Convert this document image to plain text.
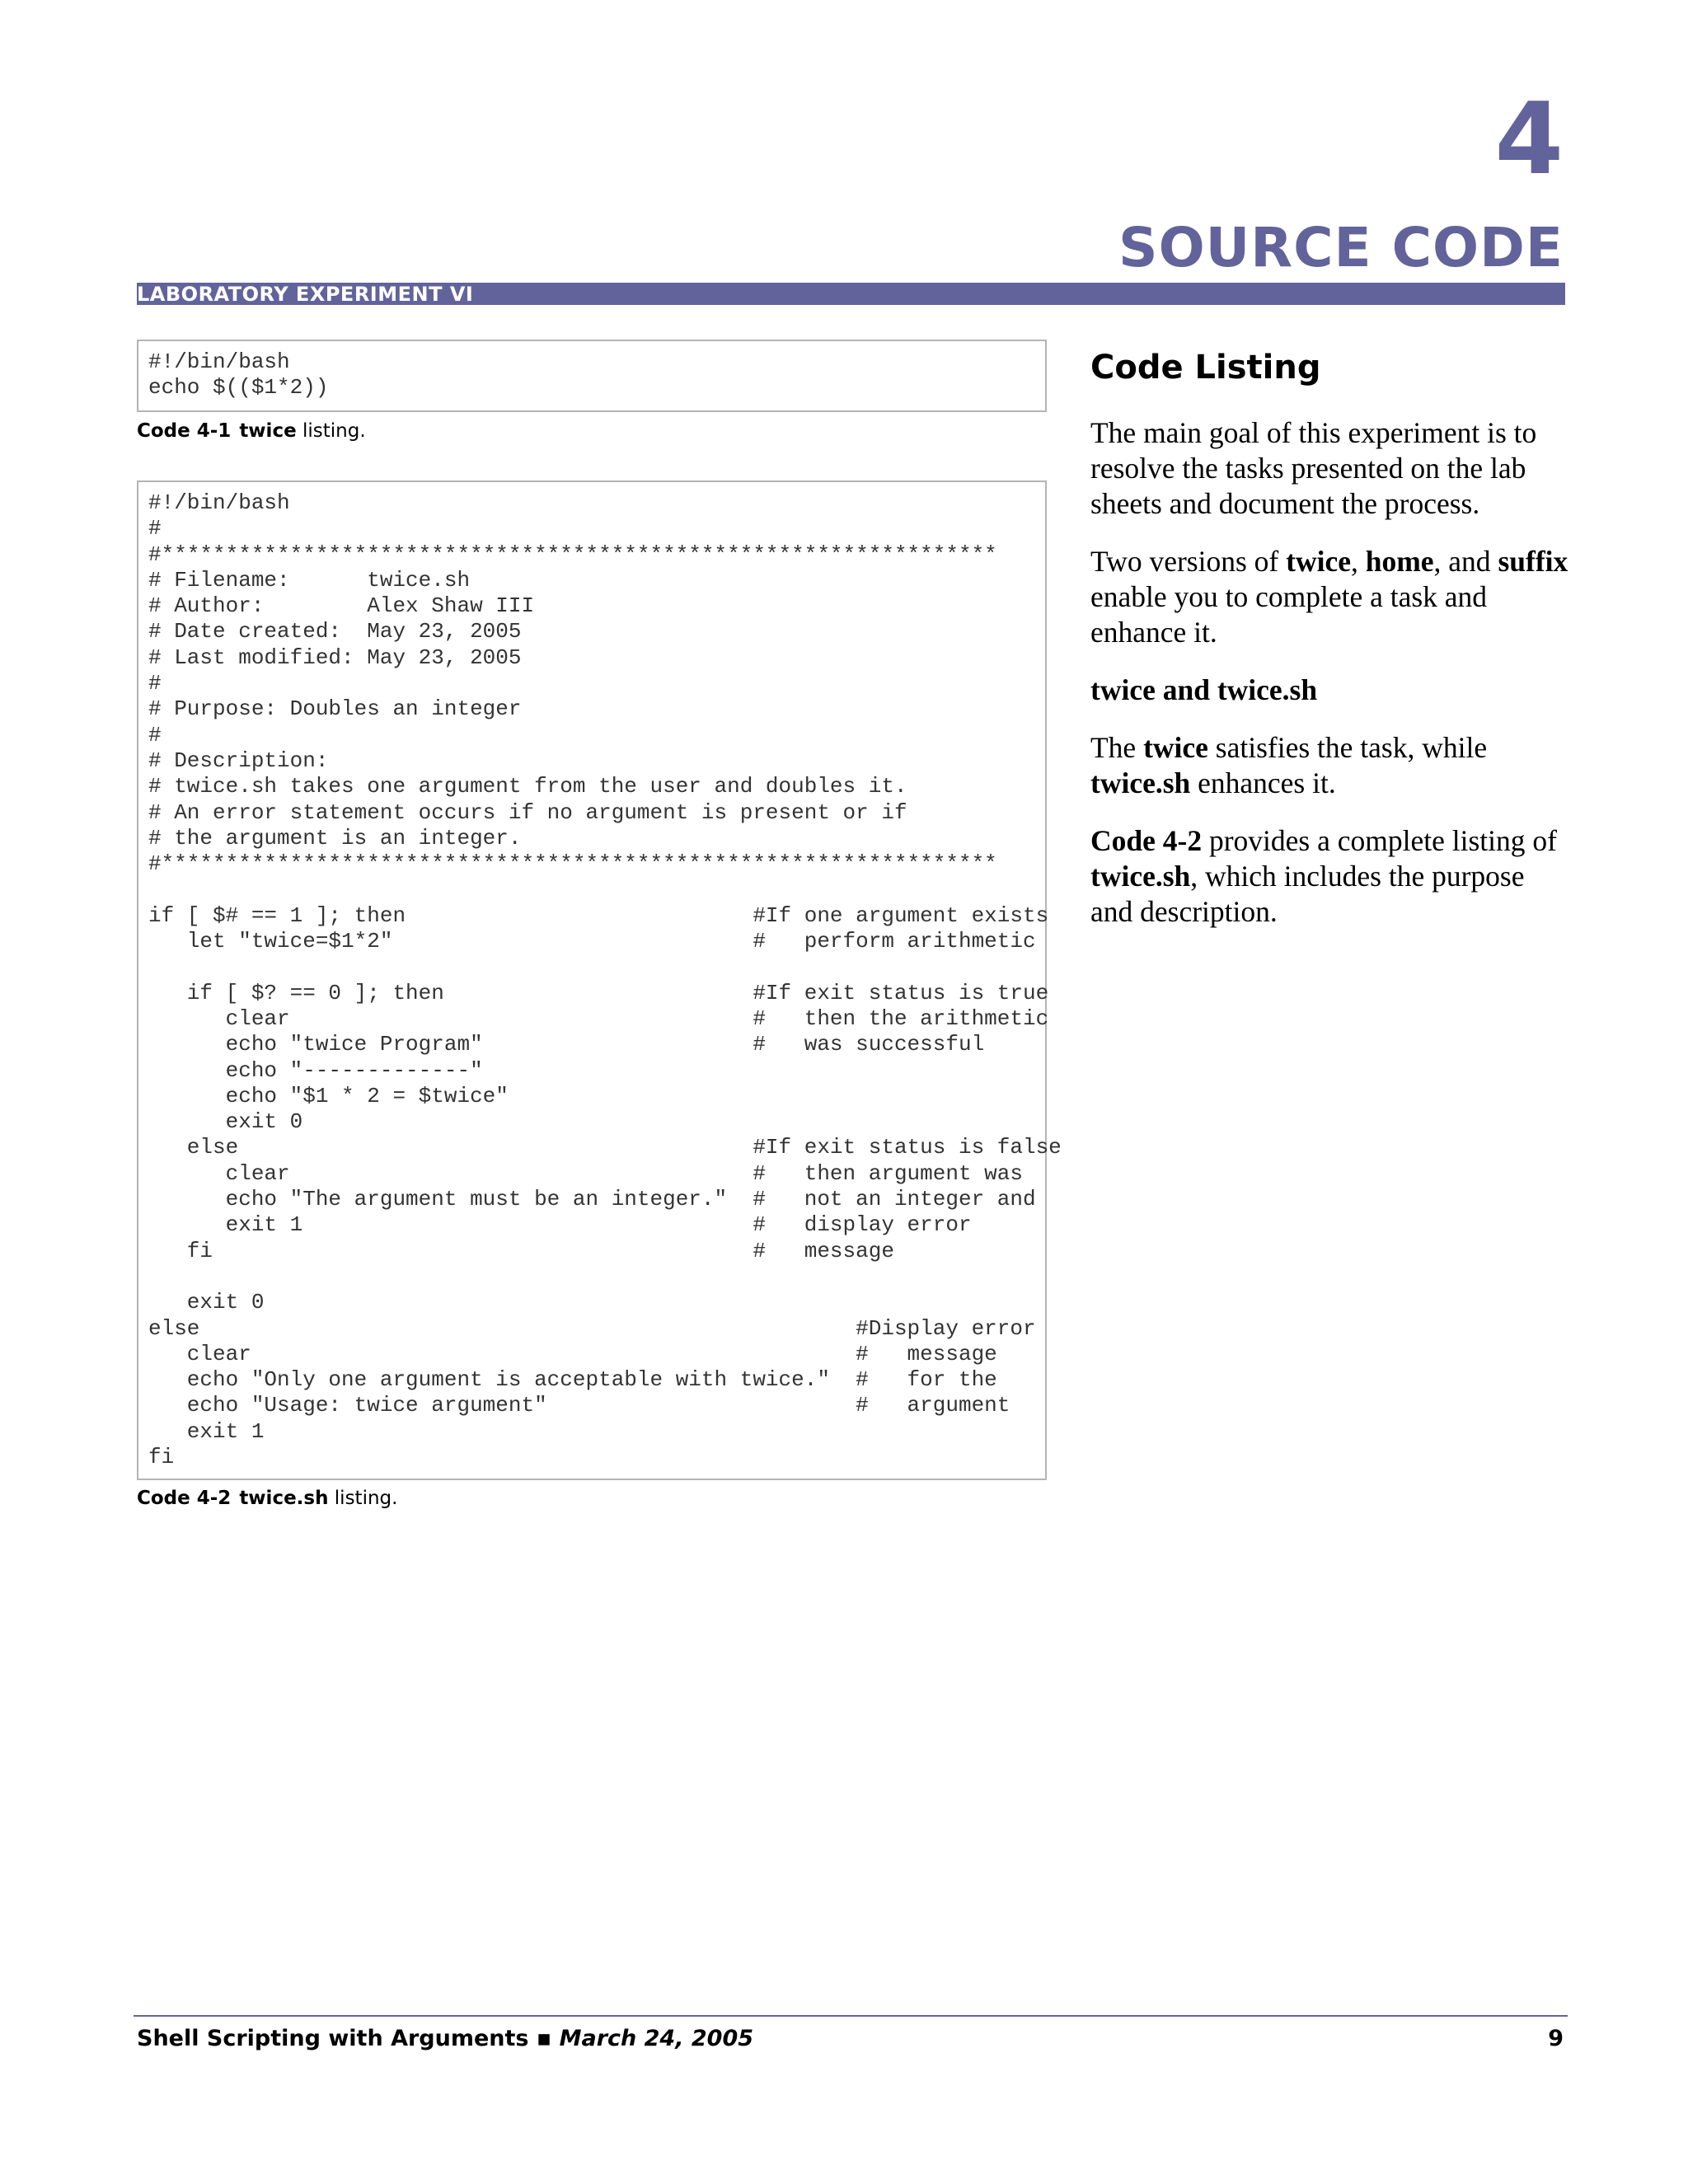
4
SOURCE CODE
LABORATORY EXPERIMENT VI
#!/bin/bash
echo $(($1*2))
Code 4-1 twice listing.
#!/bin/bash
#
#*****************************************************************
# Filename:      twice.sh
# Author:        Alex Shaw III
# Date created:  May 23, 2005
# Last modified: May 23, 2005
#
# Purpose: Doubles an integer
#
# Description:
# twice.sh takes one argument from the user and doubles it.
# An error statement occurs if no argument is present or if
# the argument is an integer.
#*****************************************************************

if [ $# == 1 ]; then                           #If one argument exists
let "twice=$1*2"                            #   perform arithmetic

if [ $? == 0 ]; then                        #If exit status is true
clear                                    #   then the arithmetic
echo "twice Program"                     #   was successful
echo "-------------"
echo "$1 * 2 = $twice"
exit 0
else                                        #If exit status is false
clear                                    #   then argument was
echo "The argument must be an integer."  #   not an integer and
exit 1                                   #   display error
fi                                          #   message

exit 0
else                                                   #Display error
clear                                               #   message
echo "Only one argument is acceptable with twice."  #   for the
echo "Usage: twice argument"                        #   argument
exit 1
fi
Code 4-2 twice.sh listing.
Code Listing

The main goal of this experiment is to resolve the tasks presented on the lab sheets and document the process.

Two versions of twice, home, and suffix enable you to complete a task and enhance it.

twice and twice.sh

The twice satisfies the task, while twice.sh enhances it.

Code 4-2 provides a complete listing of twice.sh, which includes the purpose and description.

Shell Scripting with Arguments ▪ March 24, 2005	9
